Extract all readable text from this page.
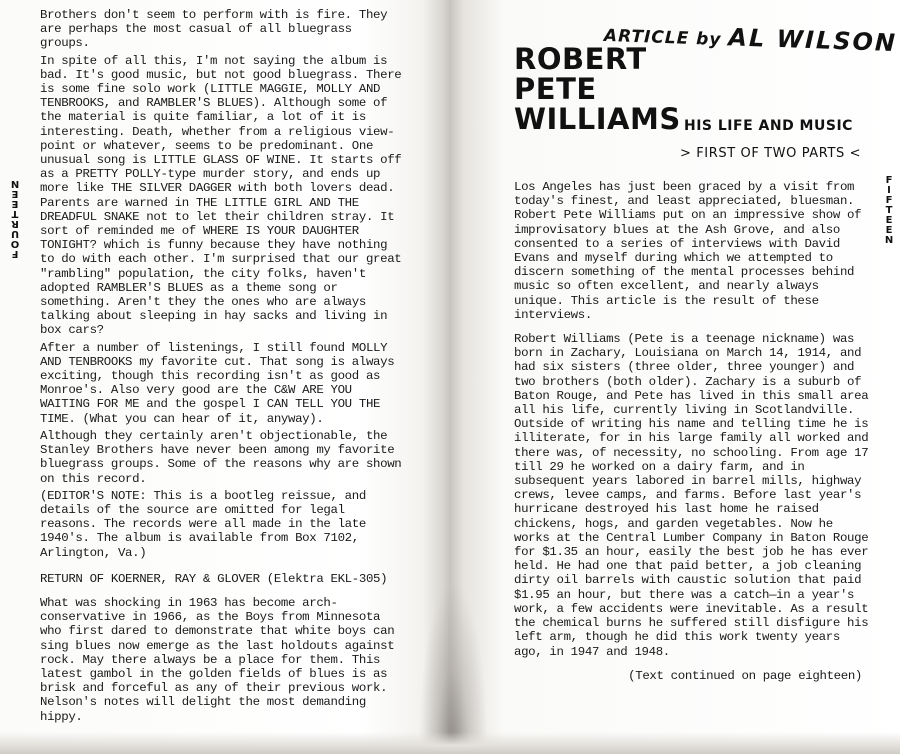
F
O
U
R
T
E
E
N

Brothers don't seem to perform with is fire. They are perhaps the most casual of all bluegrass groups.

In spite of all this, I'm not saying the album is bad. It's good music, but not good bluegrass. There is some fine solo work (LITTLE MAGGIE, MOLLY AND TENBROOKS, and RAMBLER'S BLUES). Although some of the material is quite familiar, a lot of it is interesting. Death, whether from a religious view-point or whatever, seems to be predominant. One unusual song is LITTLE GLASS OF WINE. It starts off as a PRETTY POLLY-type murder story, and ends up more like THE SILVER DAGGER with both lovers dead. Parents are warned in THE LITTLE GIRL AND THE DREADFUL SNAKE not to let their children stray. It sort of reminded me of WHERE IS YOUR DAUGHTER TONIGHT? which is funny because they have nothing to do with each other. I'm surprised that our great "rambling" population, the city folks, haven't adopted RAMBLER'S BLUES as a theme song or something. Aren't they the ones who are always talking about sleeping in hay sacks and living in box cars?

After a number of listenings, I still found MOLLY AND TENBROOKS my favorite cut. That song is always exciting, though this recording isn't as good as Monroe's. Also very good are the C&W ARE YOU WAITING FOR ME and the gospel I CAN TELL YOU THE TIME. (What you can hear of it, anyway).

Although they certainly aren't objectionable, the Stanley Brothers have never been among my favorite bluegrass groups. Some of the reasons why are shown on this record.

(EDITOR'S NOTE: This is a bootleg reissue, and details of the source are omitted for legal reasons. The records were all made in the late 1940's. The album is available from Box 7102, Arlington, Va.)

RETURN OF KOERNER, RAY & GLOVER (Elektra EKL-305)

What was shocking in 1963 has become arch-conservative in 1966, as the Boys from Minnesota who first dared to demonstrate that white boys can sing blues now emerge as the last holdouts against rock. May there always be a place for them. This latest gambol in the golden fields of blues is as brisk and forceful as any of their previous work. Nelson's notes will delight the most demanding hippy.

ARTICLE by AL WILSON
ROBERT
PETE
WILLIAMS HIS LIFE AND MUSIC
> FIRST OF TWO PARTS <
F
I
F
T
E
E
N

Los Angeles has just been graced by a visit from today's finest, and least appreciated, bluesman. Robert Pete Williams put on an impressive show of improvisatory blues at the Ash Grove, and also consented to a series of interviews with David Evans and myself during which we attempted to discern something of the mental processes behind music so often excellent, and nearly always unique. This article is the result of these interviews.

Robert Williams (Pete is a teenage nickname) was born in Zachary, Louisiana on March 14, 1914, and had six sisters (three older, three younger) and two brothers (both older). Zachary is a suburb of Baton Rouge, and Pete has lived in this small area all his life, currently living in Scotlandville. Outside of writing his name and telling time he is illiterate, for in his large family all worked and there was, of necessity, no schooling. From age 17 till 29 he worked on a dairy farm, and in subsequent years labored in barrel mills, highway crews, levee camps, and farms. Before last year's hurricane destroyed his last home he raised chickens, hogs, and garden vegetables. Now he works at the Central Lumber Company in Baton Rouge for $1.35 an hour, easily the best job he has ever held. He had one that paid better, a job cleaning dirty oil barrels with caustic solution that paid $1.95 an hour, but there was a catch—in a year's work, a few accidents were inevitable. As a result the chemical burns he suffered still disfigure his left arm, though he did this work twenty years ago, in 1947 and 1948.

(Text continued on page eighteen)
